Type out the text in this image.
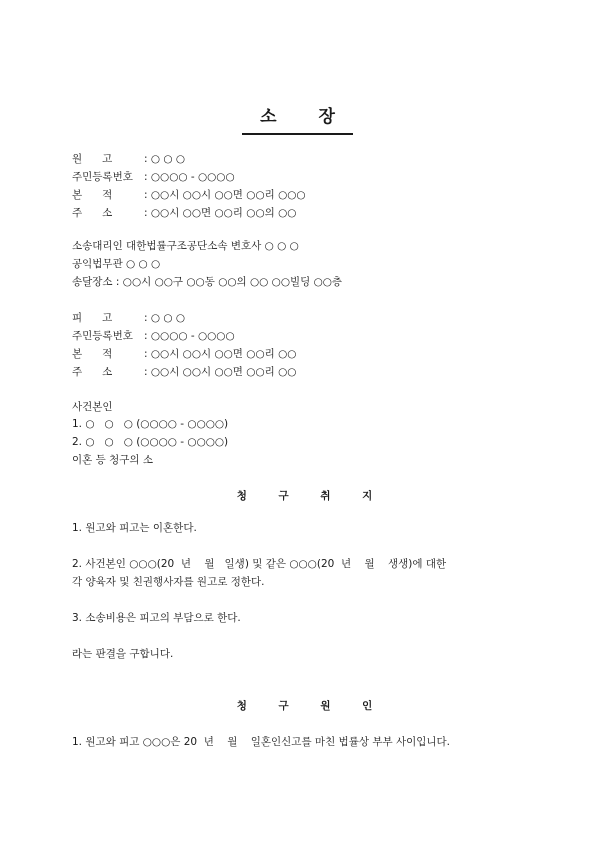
소 장
원      고	: ○ ○ ○
주민등록번호 : ○○○○ - ○○○○
본      적	: ○○시 ○○시 ○○면 ○○리 ○○○
주      소	: ○○시 ○○면 ○○리 ○○의 ○○
소송대리인 대한법률구조공단소속 변호사 ○ ○ ○
공익법무관 ○ ○ ○
송달장소 : ○○시 ○○구 ○○동 ○○의 ○○ ○○빌딩 ○○층
피      고	: ○ ○ ○
주민등록번호 : ○○○○ - ○○○○
본      적	: ○○시 ○○시 ○○면 ○○리 ○○
주      소	: ○○시 ○○시 ○○면 ○○리 ○○
사건본인
1. ○   ○   ○ (○○○○ - ○○○○)
2. ○   ○   ○ (○○○○ - ○○○○)
이혼 등 청구의 소
청 구 취 지
1. 원고와 피고는 이혼한다.
2. 사건본인 ○○○(20  년    월   일생) 및 같은 ○○○(20  년    월    생생)에 대한
각 양육자 및 친권행사자를 원고로 정한다.
3. 소송비용은 피고의 부담으로 한다.
라는 판결을 구합니다.
청 구 원 인
1. 원고와 피고 ○○○은 20  년    월    일혼인신고를 마친 법률상 부부 사이입니다.
